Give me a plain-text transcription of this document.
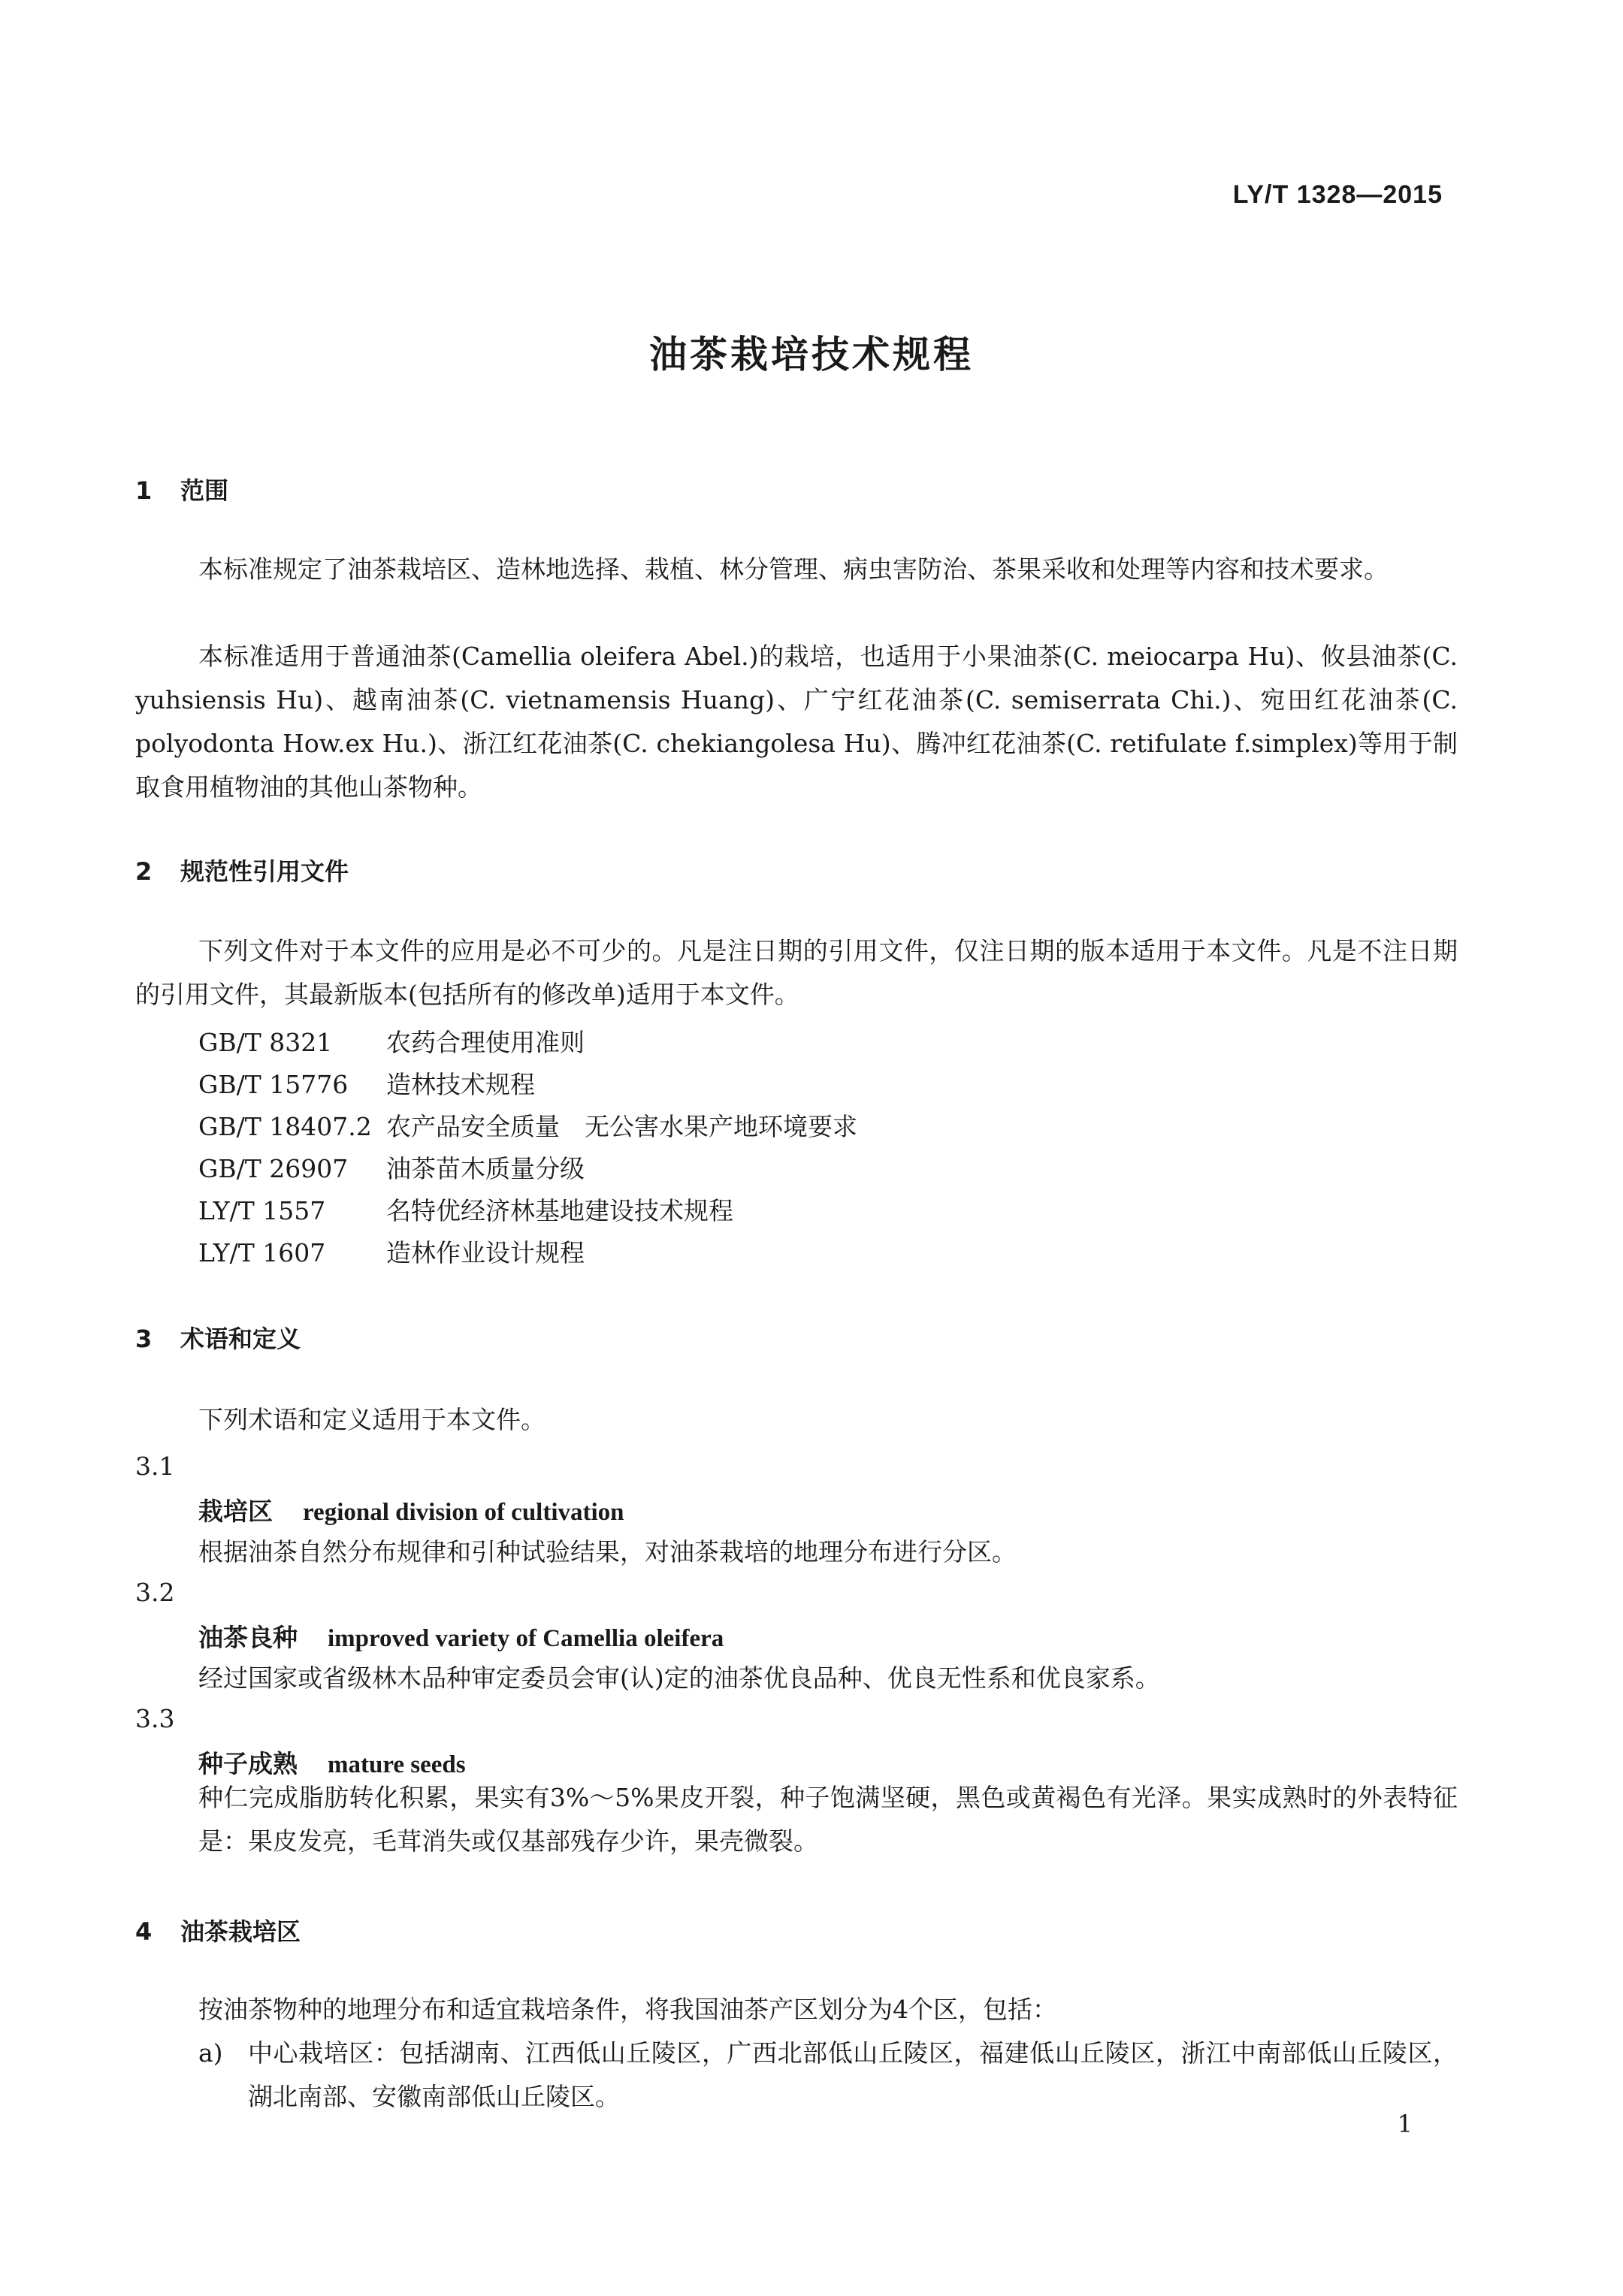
LY/T 1328—2015
油茶栽培技术规程
1 范围
本标准规定了油茶栽培区、造林地选择、栽植、林分管理、病虫害防治、茶果采收和处理等内容和技术要求。
本标准适用于普通油茶(Camellia oleifera Abel.)的栽培，也适用于小果油茶(C. meiocarpa Hu)、攸县油茶(C. yuhsiensis Hu)、越南油茶(C. vietnamensis Huang)、广宁红花油茶(C. semiserrata Chi.)、宛田红花油茶(C. polyodonta How.ex Hu.)、浙江红花油茶(C. chekiangolesa Hu)、腾冲红花油茶(C. retifulate f.simplex)等用于制取食用植物油的其他山茶物种。
2 规范性引用文件
下列文件对于本文件的应用是必不可少的。凡是注日期的引用文件，仅注日期的版本适用于本文件。凡是不注日期的引用文件，其最新版本(包括所有的修改单)适用于本文件。
GB/T 8321 农药合理使用准则
GB/T 15776 造林技术规程
GB/T 18407.2 农产品安全质量　无公害水果产地环境要求
GB/T 26907 油茶苗木质量分级
LY/T 1557 名特优经济林基地建设技术规程
LY/T 1607 造林作业设计规程
3 术语和定义
下列术语和定义适用于本文件。
3.1
栽培区 regional division of cultivation
根据油茶自然分布规律和引种试验结果，对油茶栽培的地理分布进行分区。
3.2
油茶良种 improved variety of Camellia oleifera
经过国家或省级林木品种审定委员会审(认)定的油茶优良品种、优良无性系和优良家系。
3.3
种子成熟 mature seeds
种仁完成脂肪转化积累，果实有3%～5%果皮开裂，种子饱满坚硬，黑色或黄褐色有光泽。果实成熟时的外表特征是：果皮发亮，毛茸消失或仅基部残存少许，果壳微裂。
4 油茶栽培区
按油茶物种的地理分布和适宜栽培条件，将我国油茶产区划分为4个区，包括：
a) 中心栽培区：包括湖南、江西低山丘陵区，广西北部低山丘陵区，福建低山丘陵区，浙江中南部低山丘陵区，湖北南部、安徽南部低山丘陵区。
1
